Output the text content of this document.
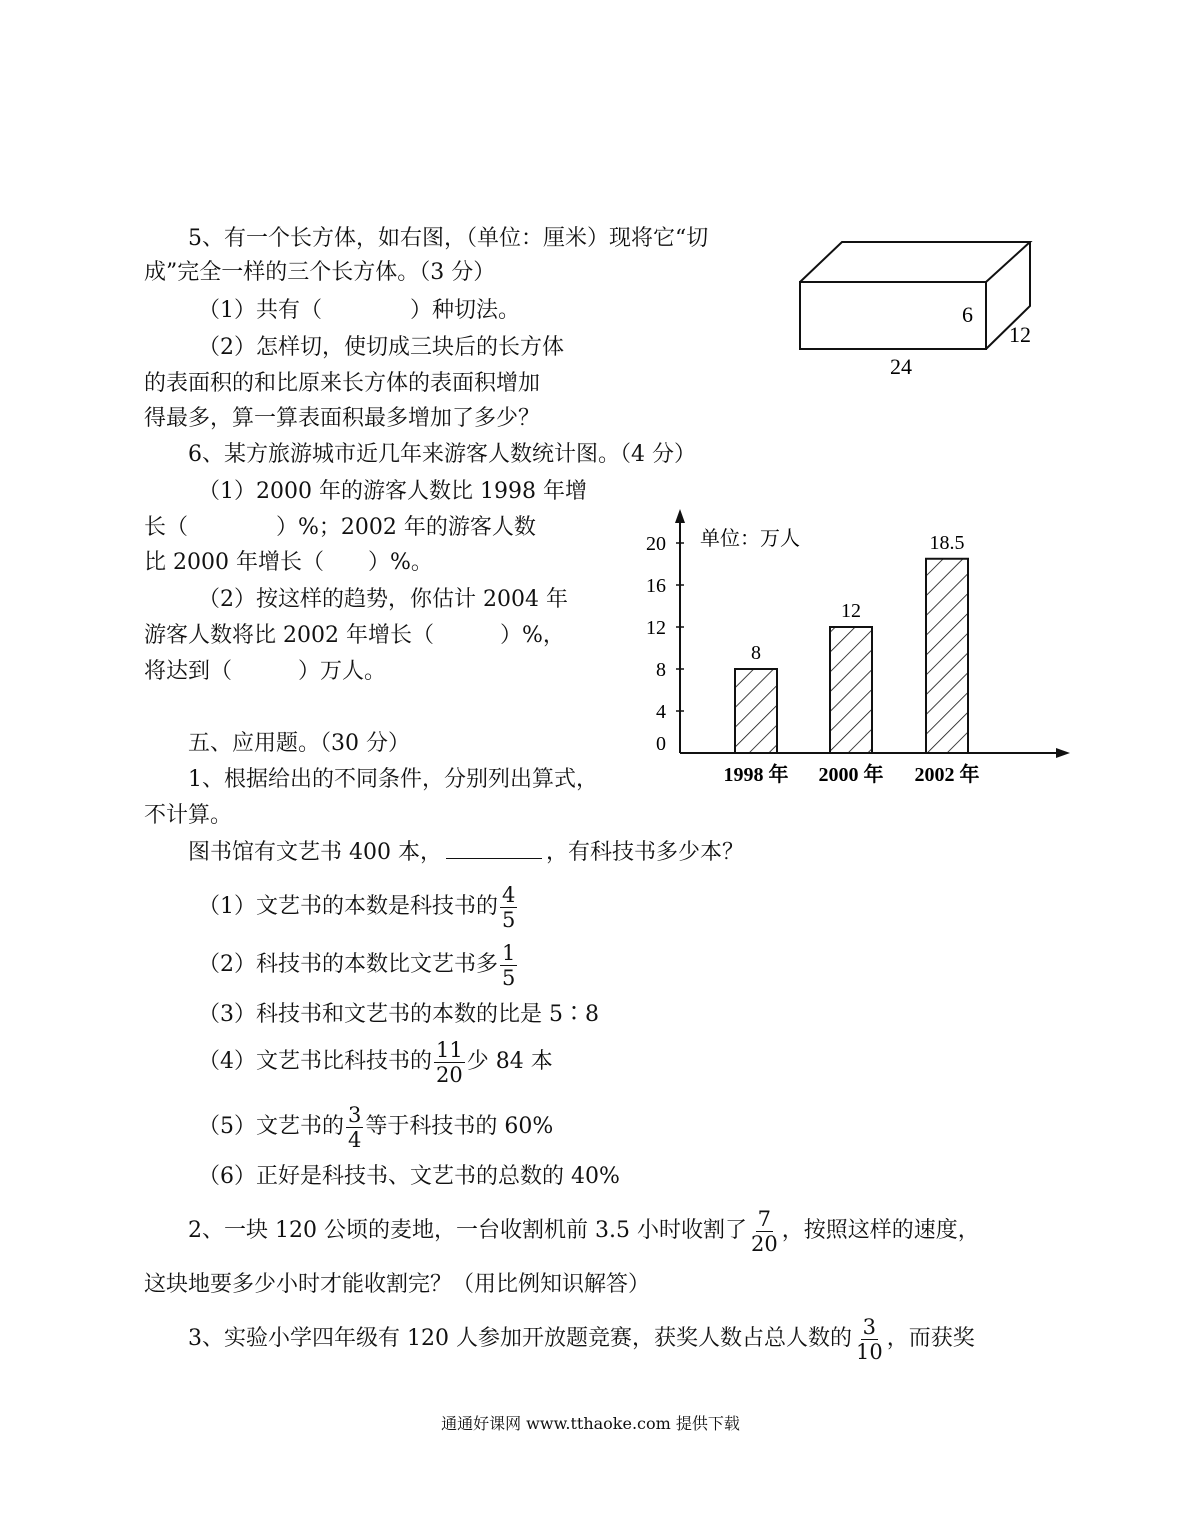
5、有一个长方体，如右图，（单位：厘米）现将它“切
成”完全一样的三个长方体。（3 分）
（1）共有（　　　　）种切法。
（2）怎样切，使切成三块后的长方体
的表面积的和比原来长方体的表面积增加
得最多，算一算表面积最多增加了多少？
6
12
24
6、某方旅游城市近几年来游客人数统计图。（4 分）
（1）2000 年的游客人数比 1998 年增
长（　　　　）%；2002 年的游客人数
比 2000 年增长（　　）%。
（2）按这样的趋势，你估计 2004 年
游客人数将比 2002 年增长（　　　）%，
将达到（　　　）万人。
单位：万人
0
4
8
12
16
20
8
1998 年
12
2000 年
18.5
2002 年
五、应用题。（30 分）
1、根据给出的不同条件，分别列出算式，
不计算。
图书馆有文艺书 400 本，	，有科技书多少本？
（1）文艺书的本数是科技书的 $\frac{4}{5}$
（2）科技书的本数比文艺书多 $\frac{1}{5}$
（3）科技书和文艺书的本数的比是 5∶8
（4）文艺书比科技书的 $\frac{11}{20}$ 少 84 本
（5）文艺书的 $\frac{3}{4}$ 等于科技书的 60%
（6）正好是科技书、文艺书的总数的 40%
2、一块 120 公顷的麦地，一台收割机前 3.5 小时收割了 $\frac{7}{20}$ ，按照这样的速度，
这块地要多少小时才能收割完？（用比例知识解答）
3、实验小学四年级有 120 人参加开放题竞赛，获奖人数占总人数的 $\frac{3}{10}$ ，而获奖
通通好课网 www.tthaoke.com 提供下载
